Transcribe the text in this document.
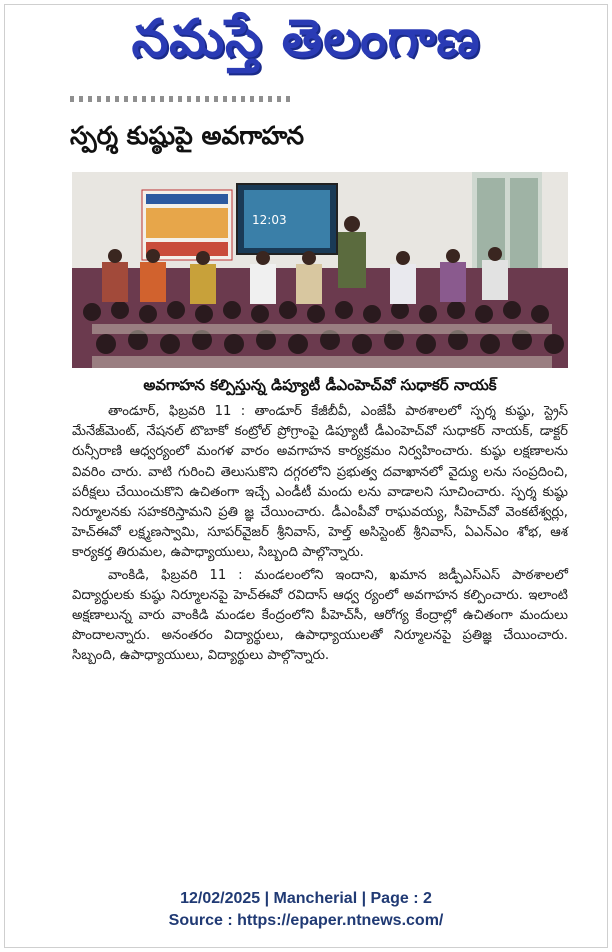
నమస్తే తెలంగాణ
స్పర్శ కుష్ఠుపై అవగాహన
12:03
అవగాహన కల్పిస్తున్న డిప్యూటీ డీఎంహెచ్‌వో సుధాకర్‌ నాయక్‌

తాండూర్‌, ఫిబ్రవరి 11 : తాండూర్‌ కేజీబీవీ, ఎంజేపీ పాఠశాలలో స్పర్శ కుష్ఠు, స్ట్రెస్‌ మేనేజ్‌మెంట్‌, నేషనల్‌ టొబాకో కంట్రోల్‌ ప్రోగ్రాంపై డిప్యూటీ డీఎంహెచ్‌వో సుధాకర్‌ నాయక్‌, డాక్టర్‌ రున్సీరాణి ఆధ్వర్యంలో మంగళ వారం అవగాహన కార్యక్రమం నిర్వహించారు. కుష్ఠు లక్షణాలను వివరిం చారు. వాటి గురించి తెలుసుకొని దగ్గరలోని ప్రభుత్వ దవాఖానలో వైద్యు లను సంప్రదించి, పరీక్షలు చేయించుకొని ఉచితంగా ఇచ్చే ఎండీటీ మందు లను వాడాలని సూచించారు. స్పర్శ కుష్ఠు నిర్మూలనకు సహకరిస్తామని ప్రతి జ్ఞ చేయించారు. డీఎంపీవో రాఘవయ్య, సీహెచ్‌వో వెంకటేశ్వర్లు, హెచ్‌ఈవో లక్ష్మణస్వామి, సూపర్‌వైజర్‌ శ్రీనివాస్‌, హెల్త్‌ అసిస్టెంట్‌ శ్రీనివాస్‌, ఏఎన్‌ఎం శోభ, ఆశ కార్యకర్త తిరుమల, ఉపాధ్యాయులు, సిబ్బంది పాల్గొన్నారు.

వాంకిడి, ఫిబ్రవరి 11 : మండలంలోని ఇందాని, ఖమాన జడ్పీఎస్‌ఎస్‌ పాఠశాలలో విద్యార్థులకు కుష్ఠు నిర్మూలనపై హెచ్‌ఈవో రవిదాస్‌ ఆధ్వ ర్యంలో అవగాహన కల్పించారు. ఇలాంటి అక్షణాలున్న వారు వాంకిడి మండల కేంద్రంలోని పీహెచ్‌సీ, ఆరోగ్య కేంద్రాల్లో ఉచితంగా మందులు పొందాలన్నారు. అనంతరం విద్యార్థులు, ఉపాధ్యాయులతో నిర్మూలనపై ప్రతిజ్ఞ చేయించారు. సిబ్బంది, ఉపాధ్యాయులు, విద్యార్థులు పాల్గొన్నారు.

12/02/2025 | Mancherial | Page : 2
Source : https://epaper.ntnews.com/
